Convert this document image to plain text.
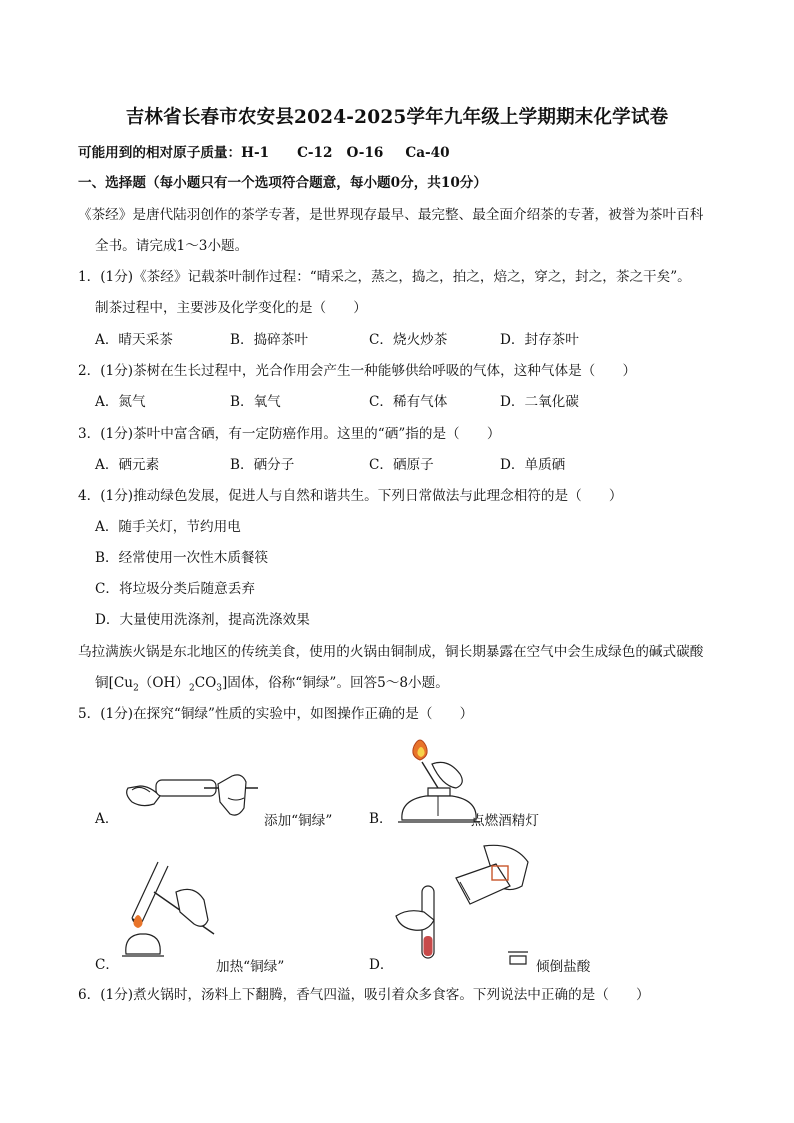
吉林省长春市农安县2024-2025学年九年级上学期期末化学试卷
可能用到的相对原子质量：H-1 C-12 O-16 Ca-40
一、选择题（每小题只有一个选项符合题意，每小题0分，共10分）
《茶经》是唐代陆羽创作的茶学专著，是世界现存最早、最完整、最全面介绍茶的专著，被誉为茶叶百科
全书。请完成1～3小题。
1．(1分)《茶经》记载茶叶制作过程：“晴采之，蒸之，捣之，拍之，焙之，穿之，封之，茶之干矣”。
制茶过程中，主要涉及化学变化的是（　　）
A．晴天采茶	B．捣碎茶叶	C．烧火炒茶	D．封存茶叶
2．(1分)茶树在生长过程中，光合作用会产生一种能够供给呼吸的气体，这种气体是（　　）
A．氮气	B．氧气	C．稀有气体	D．二氧化碳
3．(1分)茶叶中富含硒，有一定防癌作用。这里的“硒”指的是（　　）
A．硒元素	B．硒分子	C．硒原子	D．单质硒
4．(1分)推动绿色发展，促进人与自然和谐共生。下列日常做法与此理念相符的是（　　）
A．随手关灯，节约用电
B．经常使用一次性木质餐筷
C．将垃圾分类后随意丢弃
D．大量使用洗涤剂，提高洗涤效果
乌拉满族火锅是东北地区的传统美食，使用的火锅由铜制成，铜长期暴露在空气中会生成绿色的碱式碳酸
铜$[Cu_2(OH)_2CO_3]$固体，俗称“铜绿”。回答5～8小题。
5．(1分)在探究“铜绿”性质的实验中，如图操作正确的是（　　）
A．	添加“铜绿”	B．	点燃酒精灯
C．	加热“铜绿”	D．	倾倒盐酸
6．(1分)煮火锅时，汤料上下翻腾，香气四溢，吸引着众多食客。下列说法中正确的是（　　）
